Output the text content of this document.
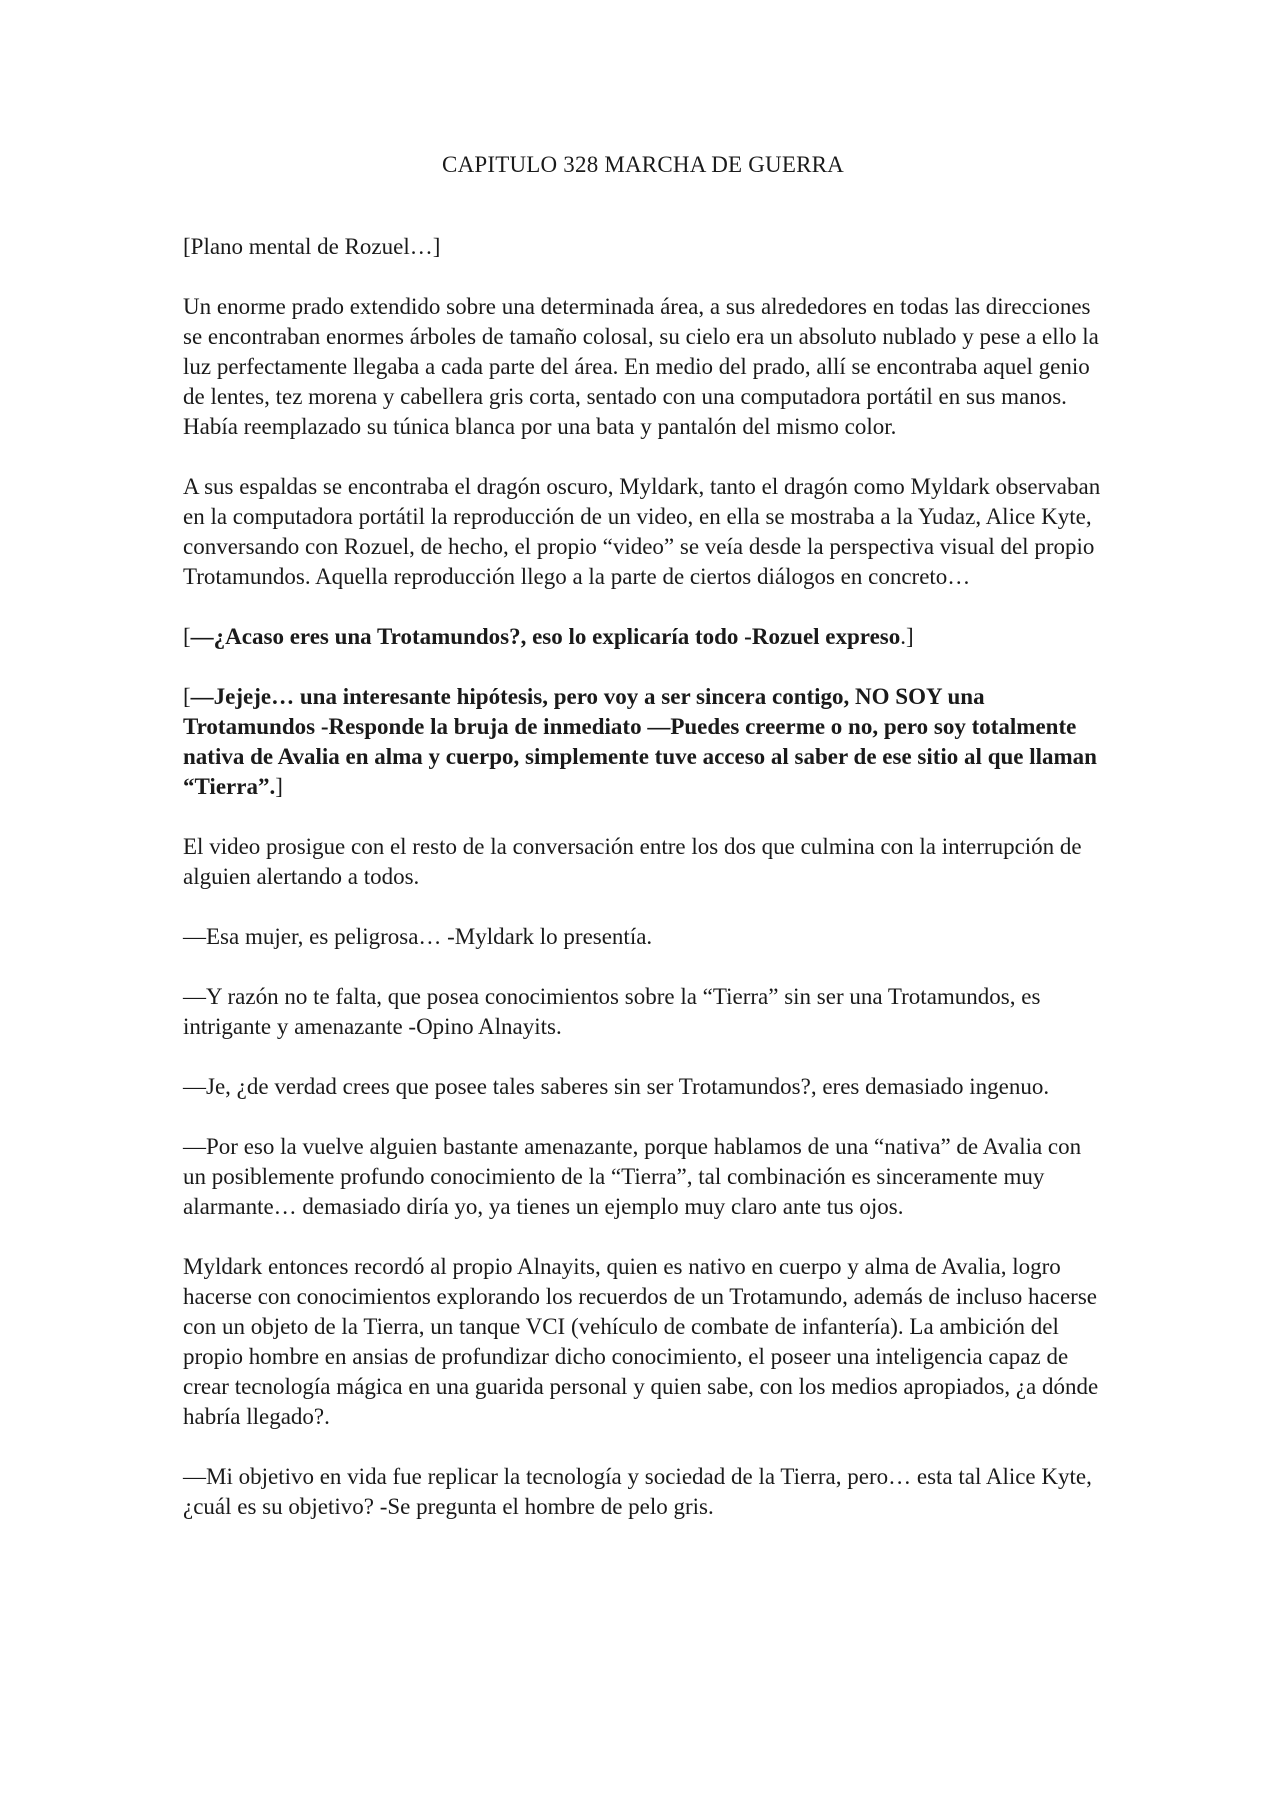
CAPITULO 328 MARCHA DE GUERRA

[Plano mental de Rozuel…]

Un enorme prado extendido sobre una determinada área, a sus alrededores en todas las direcciones se encontraban enormes árboles de tamaño colosal, su cielo era un absoluto nublado y pese a ello la luz perfectamente llegaba a cada parte del área. En medio del prado, allí se encontraba aquel genio de lentes, tez morena y cabellera gris corta, sentado con una computadora portátil en sus manos. Había reemplazado su túnica blanca por una bata y pantalón del mismo color.

A sus espaldas se encontraba el dragón oscuro, Myldark, tanto el dragón como Myldark observaban en la computadora portátil la reproducción de un video, en ella se mostraba a la Yudaz, Alice Kyte, conversando con Rozuel, de hecho, el propio “video” se veía desde la perspectiva visual del propio Trotamundos. Aquella reproducción llego a la parte de ciertos diálogos en concreto…

[—¿Acaso eres una Trotamundos?, eso lo explicaría todo -Rozuel expreso.]

[—Jejeje… una interesante hipótesis, pero voy a ser sincera contigo, NO SOY una Trotamundos -Responde la bruja de inmediato —Puedes creerme o no, pero soy totalmente nativa de Avalia en alma y cuerpo, simplemente tuve acceso al saber de ese sitio al que llaman “Tierra”.]

El video prosigue con el resto de la conversación entre los dos que culmina con la interrupción de alguien alertando a todos.

—Esa mujer, es peligrosa… -Myldark lo presentía.

—Y razón no te falta, que posea conocimientos sobre la “Tierra” sin ser una Trotamundos, es intrigante y amenazante -Opino Alnayits.

—Je, ¿de verdad crees que posee tales saberes sin ser Trotamundos?, eres demasiado ingenuo.

—Por eso la vuelve alguien bastante amenazante, porque hablamos de una “nativa” de Avalia con un posiblemente profundo conocimiento de la “Tierra”, tal combinación es sinceramente muy alarmante… demasiado diría yo, ya tienes un ejemplo muy claro ante tus ojos.

Myldark entonces recordó al propio Alnayits, quien es nativo en cuerpo y alma de Avalia, logro hacerse con conocimientos explorando los recuerdos de un Trotamundo, además de incluso hacerse con un objeto de la Tierra, un tanque VCI (vehículo de combate de infantería). La ambición del propio hombre en ansias de profundizar dicho conocimiento, el poseer una inteligencia capaz de crear tecnología mágica en una guarida personal y quien sabe, con los medios apropiados, ¿a dónde habría llegado?.

—Mi objetivo en vida fue replicar la tecnología y sociedad de la Tierra, pero… esta tal Alice Kyte, ¿cuál es su objetivo? -Se pregunta el hombre de pelo gris.
